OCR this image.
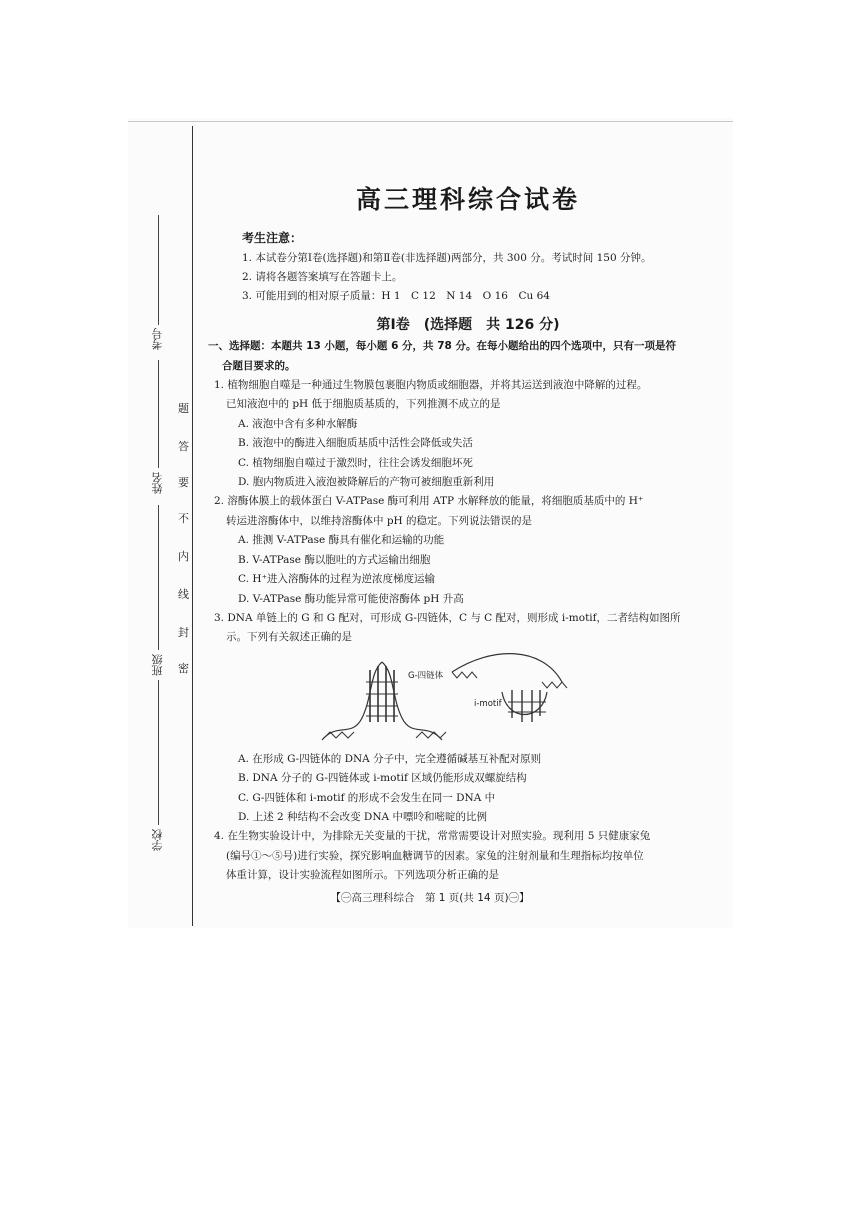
考号
姓名
班级
学校
题
答
要
不
内
线
封
密
高三理科综合试卷
考生注意：
1. 本试卷分第Ⅰ卷(选择题)和第Ⅱ卷(非选择题)两部分，共 300 分。考试时间 150 分钟。
2. 请将各题答案填写在答题卡上。
3. 可能用到的相对原子质量：H 1　C 12　N 14　O 16　Cu 64
第Ⅰ卷　(选择题　共 126 分)
一、选择题：本题共 13 小题，每小题 6 分，共 78 分。在每小题给出的四个选项中，只有一项是符
合题目要求的。
1. 植物细胞自噬是一种通过生物膜包裹胞内物质或细胞器，并将其运送到液泡中降解的过程。
已知液泡中的 pH 低于细胞质基质的，下列推测不成立的是
A. 液泡中含有多种水解酶
B. 液泡中的酶进入细胞质基质中活性会降低或失活
C. 植物细胞自噬过于激烈时，往往会诱发细胞坏死
D. 胞内物质进入液泡被降解后的产物可被细胞重新利用
2. 溶酶体膜上的载体蛋白 V-ATPase 酶可利用 ATP 水解释放的能量，将细胞质基质中的 H⁺
转运进溶酶体中，以维持溶酶体中 pH 的稳定。下列说法错误的是
A. 推测 V-ATPase 酶具有催化和运输的功能
B. V-ATPase 酶以胞吐的方式运输出细胞
C. H⁺进入溶酶体的过程为逆浓度梯度运输
D. V-ATPase 酶功能异常可能使溶酶体 pH 升高
3. DNA 单链上的 G 和 G 配对，可形成 G-四链体，C 与 C 配对，则形成 i-motif，二者结构如图所
示。下列有关叙述正确的是
G-四链体
i-motif
A. 在形成 G-四链体的 DNA 分子中，完全遵循碱基互补配对原则
B. DNA 分子的 G-四链体或 i-motif 区域仍能形成双螺旋结构
C. G-四链体和 i-motif 的形成不会发生在同一 DNA 中
D. 上述 2 种结构不会改变 DNA 中嘌呤和嘧啶的比例
4. 在生物实验设计中，为排除无关变量的干扰，常常需要设计对照实验。现利用 5 只健康家兔
(编号①～⑤号)进行实验，探究影响血糖调节的因素。家兔的注射剂量和生理指标均按单位
体重计算，设计实验流程如图所示。下列选项分析正确的是
【㊀高三理科综合　第 1 页(共 14 页)㊀】
